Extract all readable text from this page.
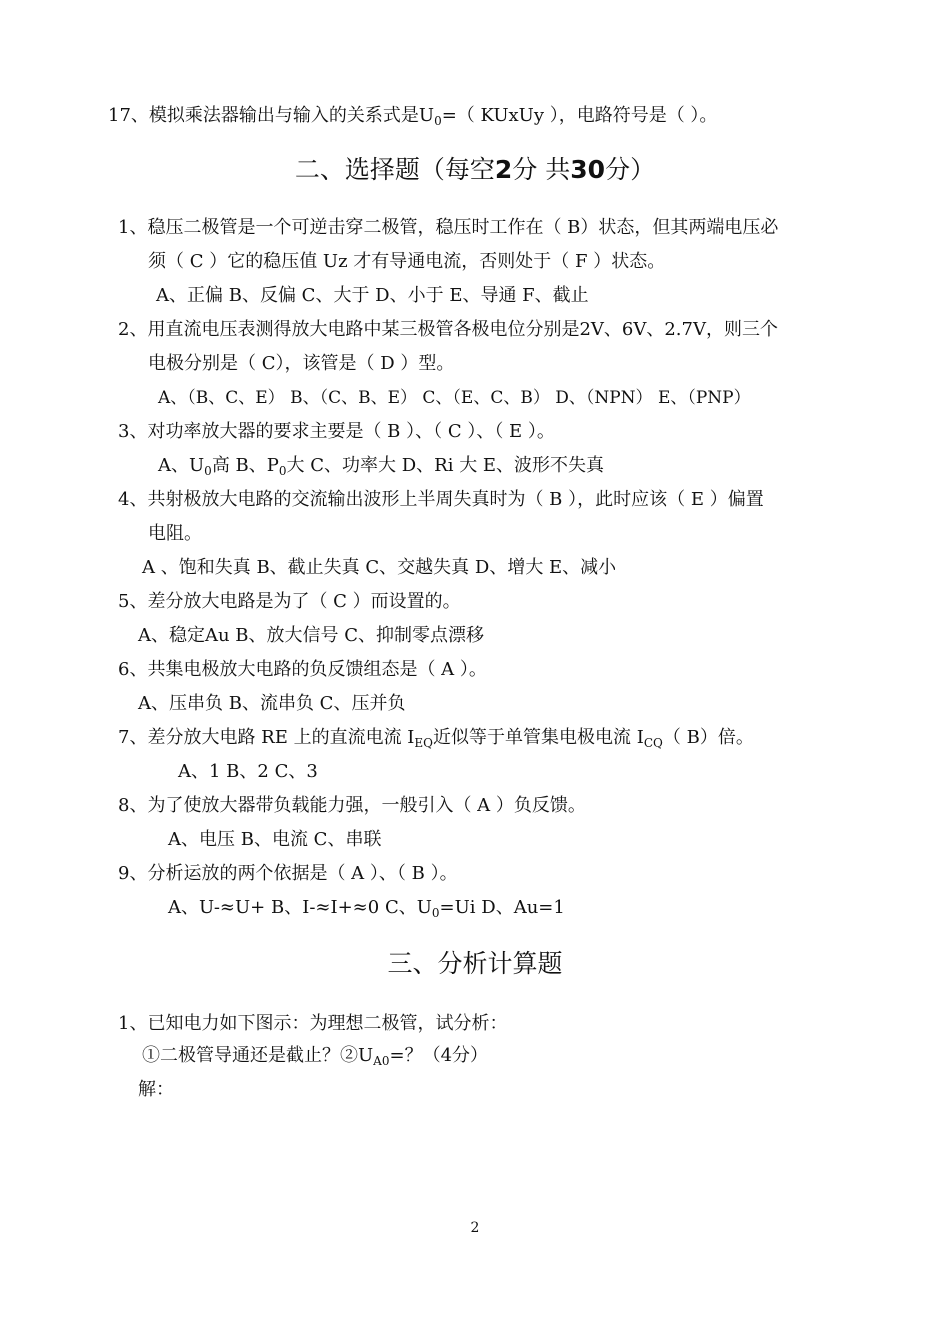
17、模拟乘法器输出与输入的关系式是$U_0=$（ KUxUy ），电路符号是（ ）。
二、选择题（每空2分 共30分）
1、稳压二极管是一个可逆击穿二极管，稳压时工作在（ B）状态，但其两端电压必
须（ C ）它的稳压值 Uz 才有导通电流，否则处于（ F ）状态。
A、正偏 B、反偏 C、大于 D、小于 E、导通 F、截止
2、用直流电压表测得放大电路中某三极管各极电位分别是2V、6V、2.7V，则三个
电极分别是（ C），该管是（ D ）型。
A、（B、C、E） B、（C、B、E） C、（E、C、B） D、（NPN） E、（PNP）
3、对功率放大器的要求主要是（ B ）、（ C ）、（ E ）。
A、$U_0$高 B、$P_0$大 C、功率大 D、Ri 大 E、波形不失真
4、共射极放大电路的交流输出波形上半周失真时为（ B ），此时应该（ E ）偏置
电阻。
A 、饱和失真 B、截止失真 C、交越失真 D、增大 E、减小
5、差分放大电路是为了（ C ）而设置的。
A、稳定Au B、放大信号 C、抑制零点漂移
6、共集电极放大电路的负反馈组态是（ A ）。
A、压串负 B、流串负 C、压并负
7、差分放大电路 RE 上的直流电流 $I_{EQ}$近似等于单管集电极电流 $I_{CQ}$（ B）倍。
A、1 B、2 C、3
8、为了使放大器带负载能力强，一般引入（ A ）负反馈。
A、电压 B、电流 C、串联
9、分析运放的两个依据是（ A ）、（ B ）。
A、U-≈U+ B、I-≈I+≈0 C、$U_0=Ui$ D、Au=1
三、分析计算题
1、已知电力如下图示：为理想二极管，试分析：
①二极管导通还是截止？$②U_{A0}=$？（4分）
解：
2
